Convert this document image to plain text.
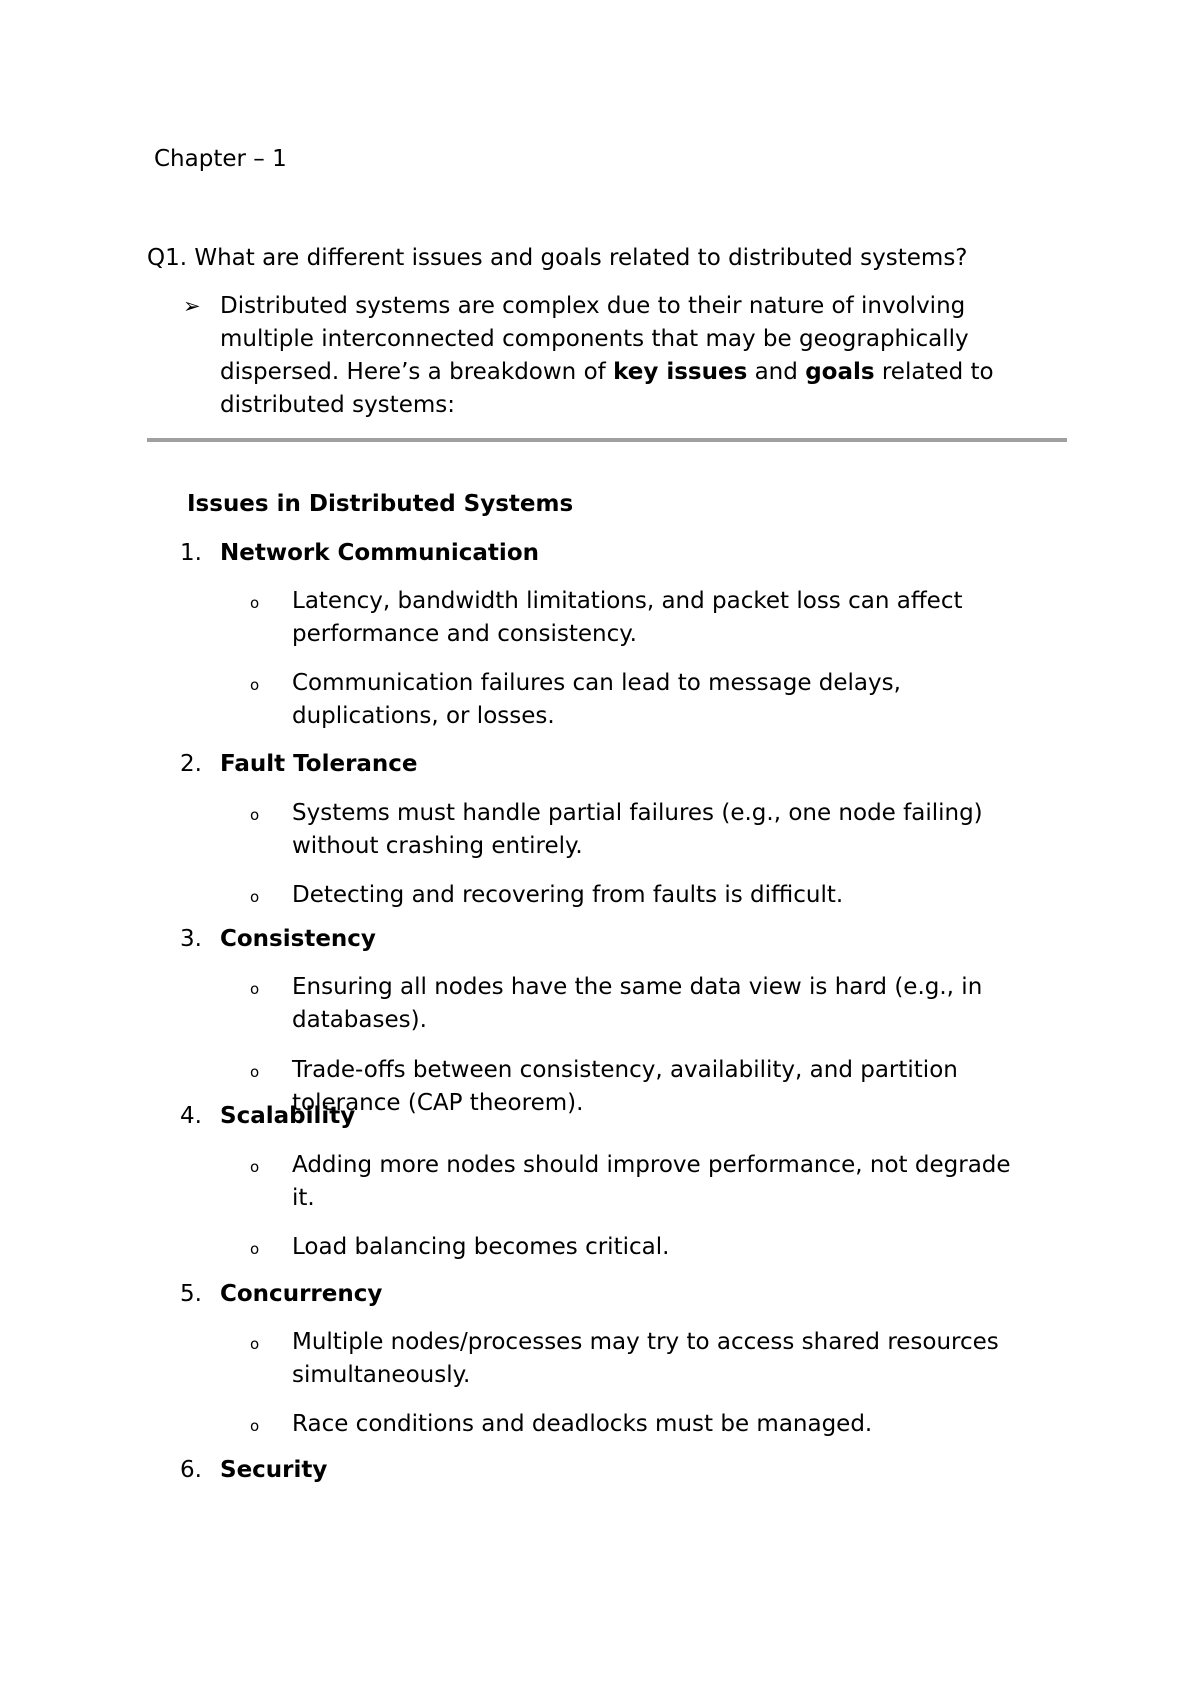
Chapter – 1
Q1. What are different issues and goals related to distributed systems?
➢ Distributed systems are complex due to their nature of involving multiple interconnected components that may be geographically dispersed. Here’s a breakdown of key issues and goals related to distributed systems:
Issues in Distributed Systems
1. Network Communication
o Latency, bandwidth limitations, and packet loss can affect performance and consistency.
o Communication failures can lead to message delays, duplications, or losses.
2. Fault Tolerance
o Systems must handle partial failures (e.g., one node failing) without crashing entirely.
o Detecting and recovering from faults is difficult.
3. Consistency
o Ensuring all nodes have the same data view is hard (e.g., in databases).
o Trade-offs between consistency, availability, and partition tolerance (CAP theorem).
4. Scalability
o Adding more nodes should improve performance, not degrade it.
o Load balancing becomes critical.
5. Concurrency
o Multiple nodes/processes may try to access shared resources simultaneously.
o Race conditions and deadlocks must be managed.
6. Security
